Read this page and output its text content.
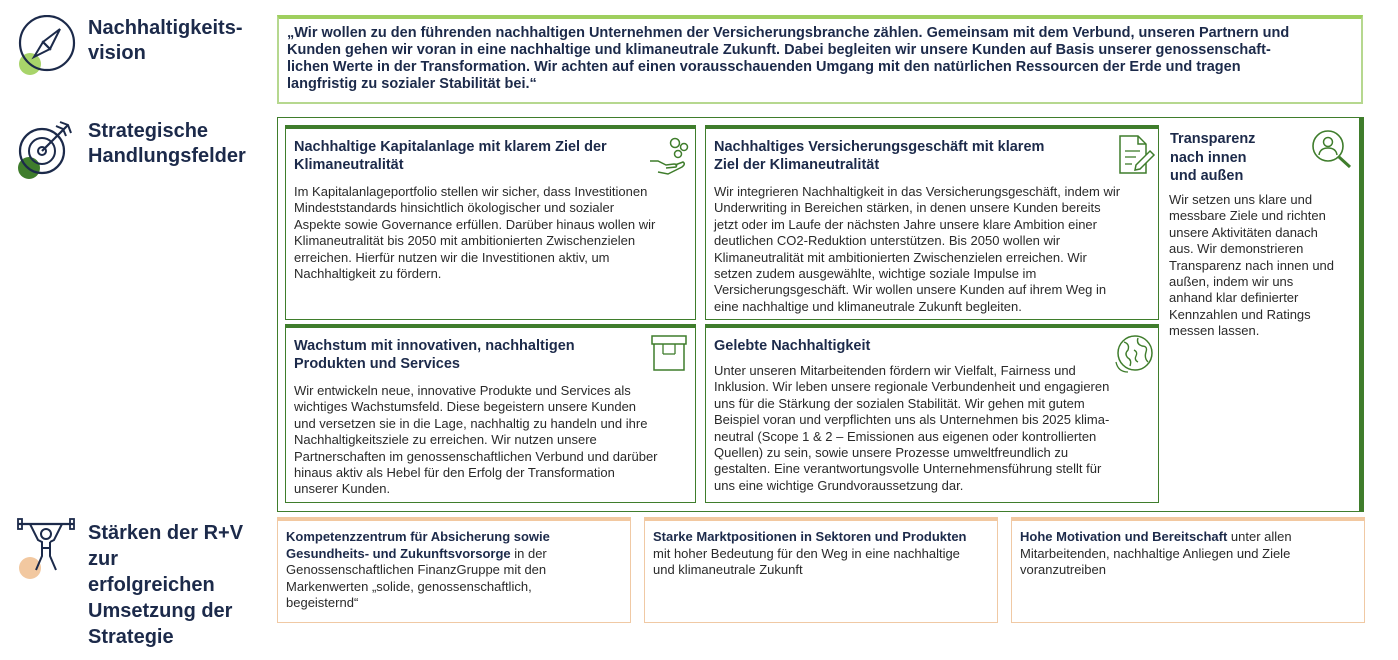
Nachhaltigkeits-
vision
„Wir wollen zu den führenden nachhaltigen Unternehmen der Versicherungsbranche zählen. Gemeinsam mit dem Verbund, unseren Partnern und
Kunden gehen wir voran in eine nachhaltige und klimaneutrale Zukunft. Dabei begleiten wir unsere Kunden auf Basis unserer genossenschaft-
lichen Werte in der Transformation. Wir achten auf einen vorausschauenden Umgang mit den natürlichen Ressourcen der Erde und tragen
langfristig zu sozialer Stabilität bei.“
Strategische
Handlungsfelder	Nachhaltige Kapitalanlage mit klarem Ziel der
Klimaneutralität
Im Kapitalanlageportfolio stellen wir sicher, dass Investitionen
Mindeststandards hinsichtlich ökologischer und sozialer
Aspekte sowie Governance erfüllen. Darüber hinaus wollen wir
Klimaneutralität bis 2050 mit ambitionierten Zwischenzielen
erreichen. Hierfür nutzen wir die Investitionen aktiv, um
Nachhaltigkeit zu fördern.
Nachhaltiges Versicherungsgeschäft mit klarem
Ziel der Klimaneutralität
Wir integrieren Nachhaltigkeit in das Versicherungsgeschäft, indem wir
Underwriting in Bereichen stärken, in denen unsere Kunden bereits
jetzt oder im Laufe der nächsten Jahre unsere klare Ambition einer
deutlichen CO2-Reduktion unterstützen. Bis 2050 wollen wir
Klimaneutralität mit ambitionierten Zwischenzielen erreichen. Wir
setzen zudem ausgewählte, wichtige soziale Impulse im
Versicherungsgeschäft. Wir wollen unsere Kunden auf ihrem Weg in
eine nachhaltige und klimaneutrale Zukunft begleiten.
Wachstum mit innovativen, nachhaltigen
Produkten und Services
Wir entwickeln neue, innovative Produkte und Services als
wichtiges Wachstumsfeld. Diese begeistern unsere Kunden
und versetzen sie in die Lage, nachhaltig zu handeln und ihre
Nachhaltigkeitsziele zu erreichen. Wir nutzen unsere
Partnerschaften im genossenschaftlichen Verbund und darüber
hinaus aktiv als Hebel für den Erfolg der Transformation
unserer Kunden.
Gelebte Nachhaltigkeit
Unter unseren Mitarbeitenden fördern wir Vielfalt, Fairness und
Inklusion. Wir leben unsere regionale Verbundenheit und engagieren
uns für die Stärkung der sozialen Stabilität. Wir gehen mit gutem
Beispiel voran und verpflichten uns als Unternehmen bis 2025 klima-
neutral (Scope 1 & 2 – Emissionen aus eigenen oder kontrollierten
Quellen) zu sein, sowie unsere Prozesse umweltfreundlich zu
gestalten. Eine verantwortungsvolle Unternehmensführung stellt für
uns eine wichtige Grundvoraussetzung dar.
Transparenz
nach innen
und außen
Wir setzen uns klare und
messbare Ziele und richten
unsere Aktivitäten danach
aus. Wir demonstrieren
Transparenz nach innen und
außen, indem wir uns
anhand klar definierter
Kennzahlen und Ratings
messen lassen.
Stärken der R+V
zur
erfolgreichen
Umsetzung der
Strategie
Kompetenzzentrum für Absicherung sowie
Gesundheits- und Zukunftsvorsorge in der
Genossenschaftlichen FinanzGruppe mit den
Markenwerten „solide, genossenschaftlich,
begeisternd“
Starke Marktpositionen in Sektoren und Produkten
mit hoher Bedeutung für den Weg in eine nachhaltige
und klimaneutrale Zukunft
Hohe Motivation und Bereitschaft unter allen
Mitarbeitenden, nachhaltige Anliegen und Ziele
voranzutreiben
